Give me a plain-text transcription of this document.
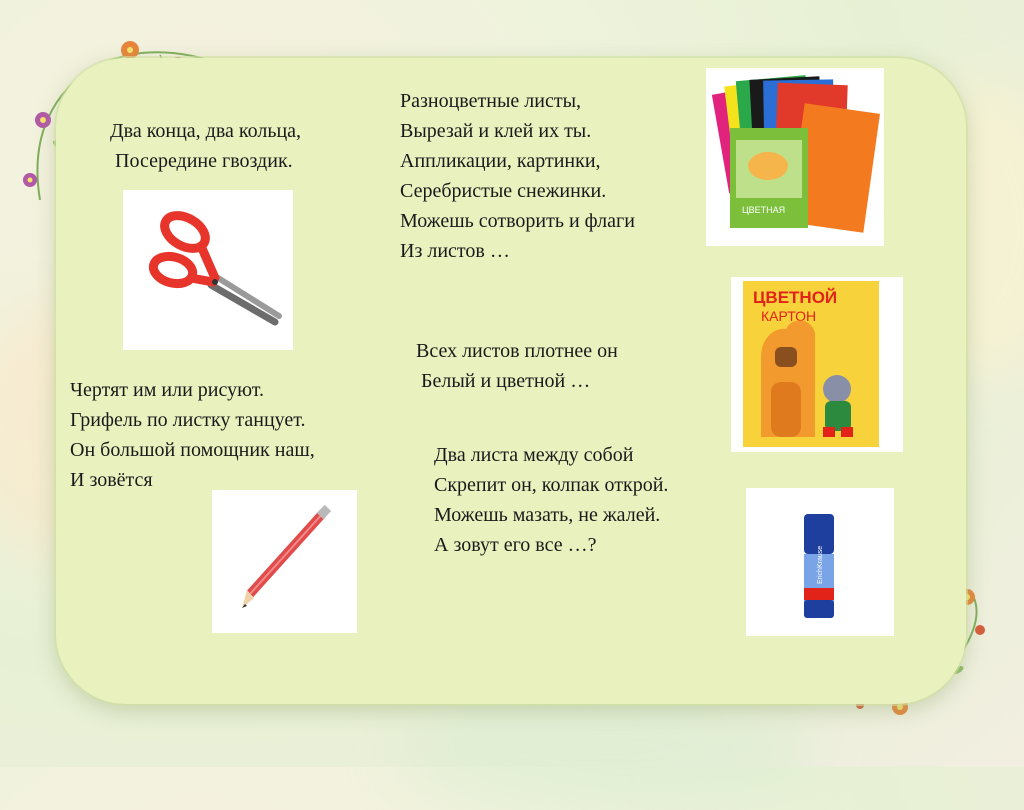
Два конца, два кольца,
Посередине гвоздик.
Разноцветные листы,
Вырезай и клей их ты.
Аппликации, картинки,
Серебристые снежинки.
Можешь сотворить и флаги
Из листов …
ЦВЕТНАЯ
Всех листов плотнее он
Белый и цветной …
ЦВЕТНОЙ
КАРТОН
Чертят им или рисуют.
Грифель по листку танцует.
Он большой помощник наш,
И зовётся
Два листа между собой
Скрепит он, колпак открой.
Можешь мазать, не жалей.
А зовут его все …?
ErichKrause
